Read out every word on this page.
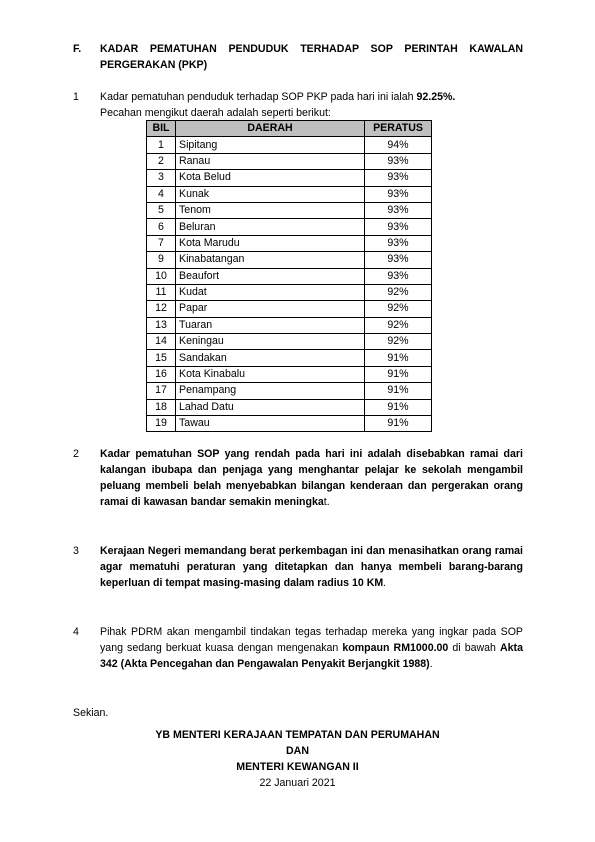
F. KADAR PEMATUHAN PENDUDUK TERHADAP SOP PERINTAH KAWALAN PERGERAKAN (PKP)
1 Kadar pematuhan penduduk terhadap SOP PKP pada hari ini ialah 92.25%.
Pecahan mengikut daerah adalah seperti berikut:
BIL	DAERAH	PERATUS
1	Sipitang	94%
2	Ranau	93%
3	Kota Belud	93%
4	Kunak	93%
5	Tenom	93%
6	Beluran	93%
7	Kota Marudu	93%
9	Kinabatangan	93%
10	Beaufort	93%
11	Kudat	92%
12	Papar	92%
13	Tuaran	92%
14	Keningau	92%
15	Sandakan	91%
16	Kota Kinabalu	91%
17	Penampang	91%
18	Lahad Datu	91%
19	Tawau	91%
2 Kadar pematuhan SOP yang rendah pada hari ini adalah disebabkan ramai dari kalangan ibubapa dan penjaga yang menghantar pelajar ke sekolah mengambil peluang membeli belah menyebabkan bilangan kenderaan dan pergerakan orang ramai di kawasan bandar semakin meningkat.
3 Kerajaan Negeri memandang berat perkembagan ini dan menasihatkan orang ramai agar mematuhi peraturan yang ditetapkan dan hanya membeli barang-barang keperluan di tempat masing-masing dalam radius 10 KM.
4 Pihak PDRM akan mengambil tindakan tegas terhadap mereka yang ingkar pada SOP yang sedang berkuat kuasa dengan mengenakan kompaun RM1000.00 di bawah Akta 342 (Akta Pencegahan dan Pengawalan Penyakit Berjangkit 1988).
Sekian.
YB MENTERI KERAJAAN TEMPATAN DAN PERUMAHAN
DAN
MENTERI KEWANGAN II
22 Januari 2021
